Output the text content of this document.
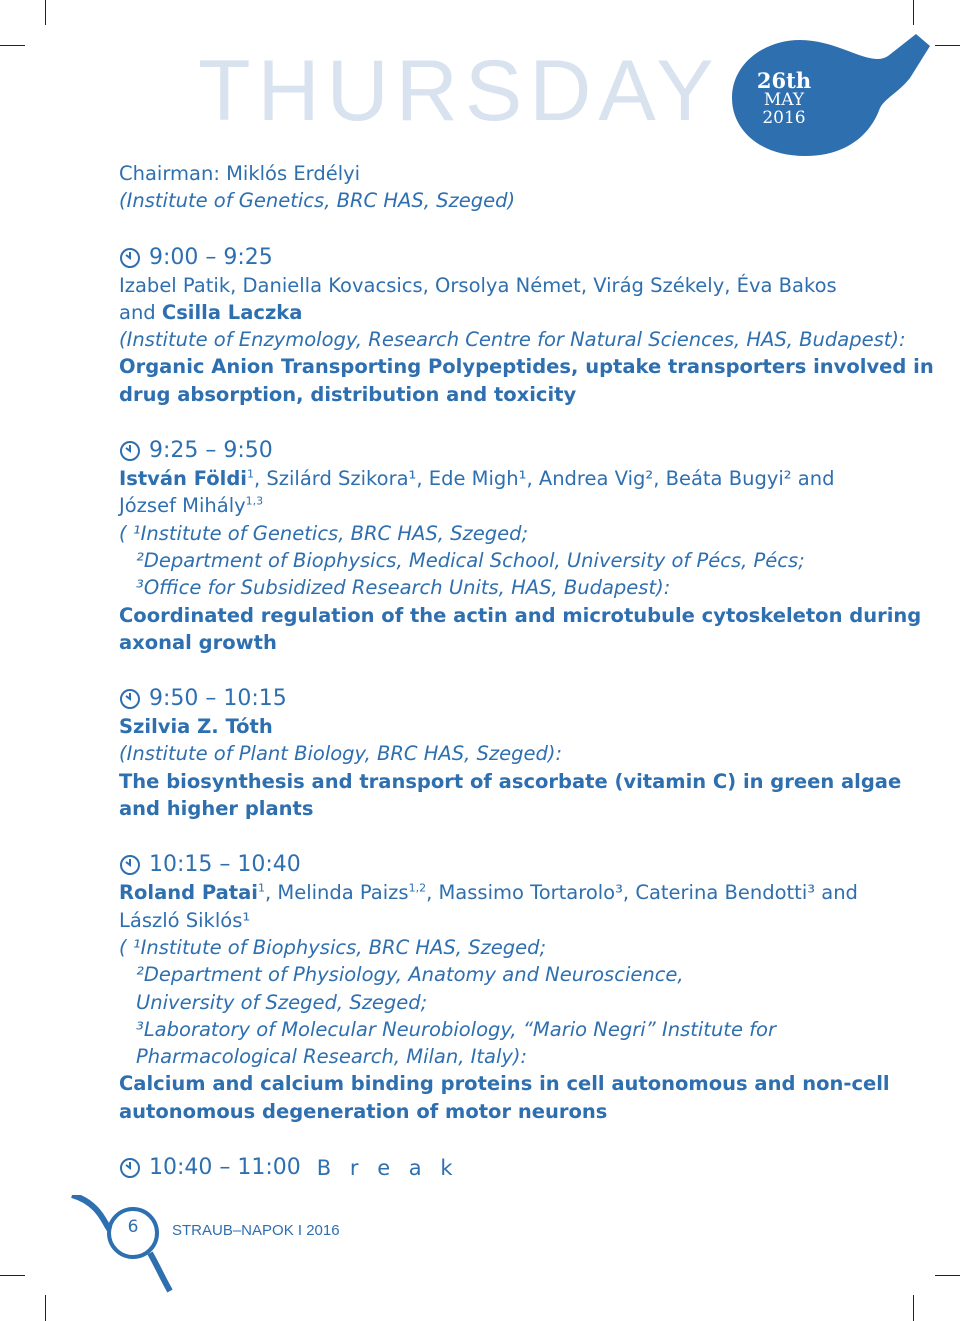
THURSDAY	26th
MAY
2016
Chairman: Miklós Erdélyi
(Institute of Genetics, BRC HAS, Szeged)
9:00 – 9:25
Izabel Patik, Daniella Kovacsics, Orsolya Német, Virág Székely, Éva Bakos
and Csilla Laczka
(Institute of Enzymology, Research Centre for Natural Sciences, HAS, Budapest):
Organic Anion Transporting Polypeptides, uptake transporters involved in
drug absorption, distribution and toxicity
9:25 – 9:50
István Földi$^1$, Szilárd Szikora¹, Ede Migh¹, Andrea Vig², Beáta Bugyi² and
József Mihály$^{1,3}$
( ¹Institute of Genetics, BRC HAS, Szeged;
²Department of Biophysics, Medical School, University of Pécs, Pécs;
³Office for Subsidized Research Units, HAS, Budapest):
Coordinated regulation of the actin and microtubule cytoskeleton during
axonal growth
9:50 – 10:15
Szilvia Z. Tóth
(Institute of Plant Biology, BRC HAS, Szeged):
The biosynthesis and transport of ascorbate (vitamin C) in green algae
and higher plants
10:15 – 10:40
Roland Patai$^1$, Melinda Paizs$^{1,2}$, Massimo Tortarolo³, Caterina Bendotti³ and
László Siklós¹
( ¹Institute of Biophysics, BRC HAS, Szeged;
²Department of Physiology, Anatomy and Neuroscience,
University of Szeged, Szeged;
³Laboratory of Molecular Neurobiology, “Mario Negri” Institute for
Pharmacological Research, Milan, Italy):
Calcium and calcium binding proteins in cell autonomous and non-cell
autonomous degeneration of motor neurons
10:40 – 11:00 B r e a k
6	STRAUB–NAPOK I 2016
